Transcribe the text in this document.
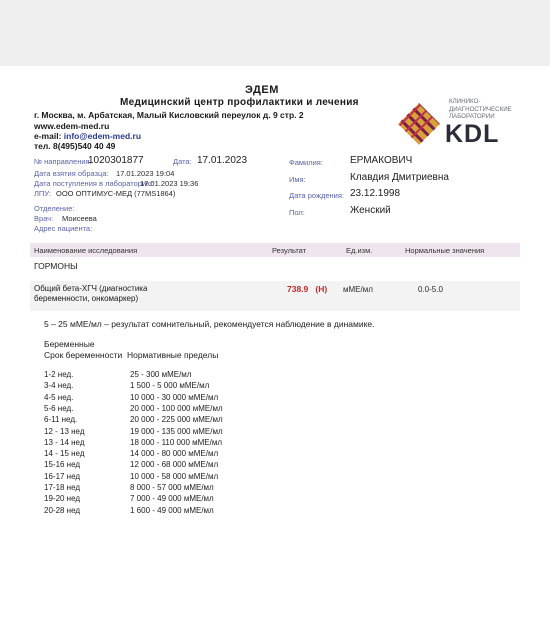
ЭДЕМ
Медицинский центр профилактики и лечения
г. Москва, м. Арбатская, Малый Кисловский переулок д. 9 стр. 2
www.edem-med.ru
e-mail: info@edem-med.ru
тел. 8(495)540 40 49	KDL
КЛИНИКО-
ДИАГНОСТИЧЕСКИЕ
ЛАБОРАТОРИИ
№ направления:
1020301877	Дата: 17.01.2023
Дата взятия образца: 17.01.2023 19:04
Дата поступления в лабораторию:
17.01.2023 19:36
ЛПУ: ООО ОПТИМУС-МЕД (77MS1864)
Отделение:
Врач: Моисеева
Адрес пациента:
Фамилия:	ЕРМАКОВИЧ
Имя:	Клавдия Дмитриевна
Дата рождения: 23.12.1998
Пол:	Женский
Наименование исследования	Результат	Ед.изм.	Нормальные значения
ГОРМОНЫ
Общий бета-ХГЧ (диагностика
беременности, онкомаркер)
738.9 (H) мМЕ/мл	0.0-5.0
5 – 25 мМЕ/мл – результат сомнительный, рекомендуется наблюдение в динамике.
Беременные
Срок беременности Нормативные пределы
1-2 нед.	25 - 300 мМЕ/мл
3-4 нед.	1 500 - 5 000 мМЕ/мл
4-5 нед.	10 000 - 30 000 мМЕ/мл
5-6 нед.	20 000 - 100 000 мМЕ/мл
6-11 нед.	20 000 - 225 000 мМЕ/мл
12 - 13 нед	19 000 - 135 000 мМЕ/мл
13 - 14 нед	18 000 - 110 000 мМЕ/мл
14 - 15 нед	14 000 - 80 000 мМЕ/мл
15-16 нед	12 000 - 68 000 мМЕ/мл
16-17 нед	10 000 - 58 000 мМЕ/мл
17-18 нед	8 000 - 57 000 мМЕ/мл
19-20 нед	7 000 - 49 000 мМЕ/мл
20-28 нед	1 600 - 49 000 мМЕ/мл
